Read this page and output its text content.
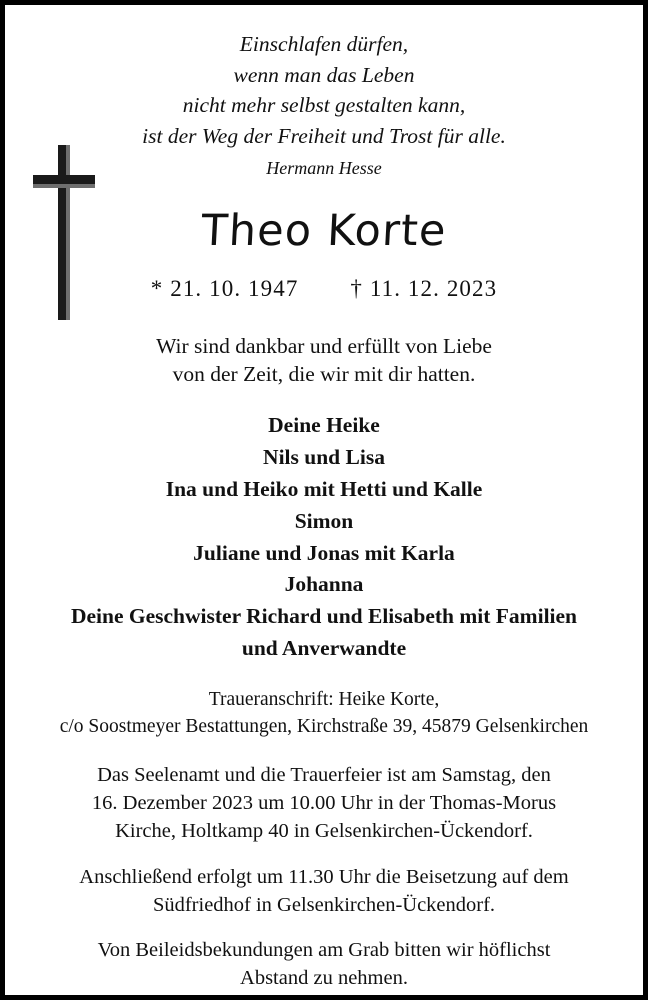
Einschlafen dürfen,
wenn man das Leben
nicht mehr selbst gestalten kann,
ist der Weg der Freiheit und Trost für alle.
Hermann Hesse
Theo Korte
* 21. 10. 1947 † 11. 12. 2023
Wir sind dankbar und erfüllt von Liebe
von der Zeit, die wir mit dir hatten.
Deine Heike
Nils und Lisa
Ina und Heiko mit Hetti und Kalle
Simon
Juliane und Jonas mit Karla
Johanna
Deine Geschwister Richard und Elisabeth mit Familien
und Anverwandte
Traueranschrift: Heike Korte,
c/o Soostmeyer Bestattungen, Kirchstraße 39, 45879 Gelsenkirchen
Das Seelenamt und die Trauerfeier ist am Samstag, den
16. Dezember 2023 um 10.00 Uhr in der Thomas-Morus
Kirche, Holtkamp 40 in Gelsenkirchen-Ückendorf.
Anschließend erfolgt um 11.30 Uhr die Beisetzung auf dem
Südfriedhof in Gelsenkirchen-Ückendorf.
Von Beileidsbekundungen am Grab bitten wir höflichst
Abstand zu nehmen.
